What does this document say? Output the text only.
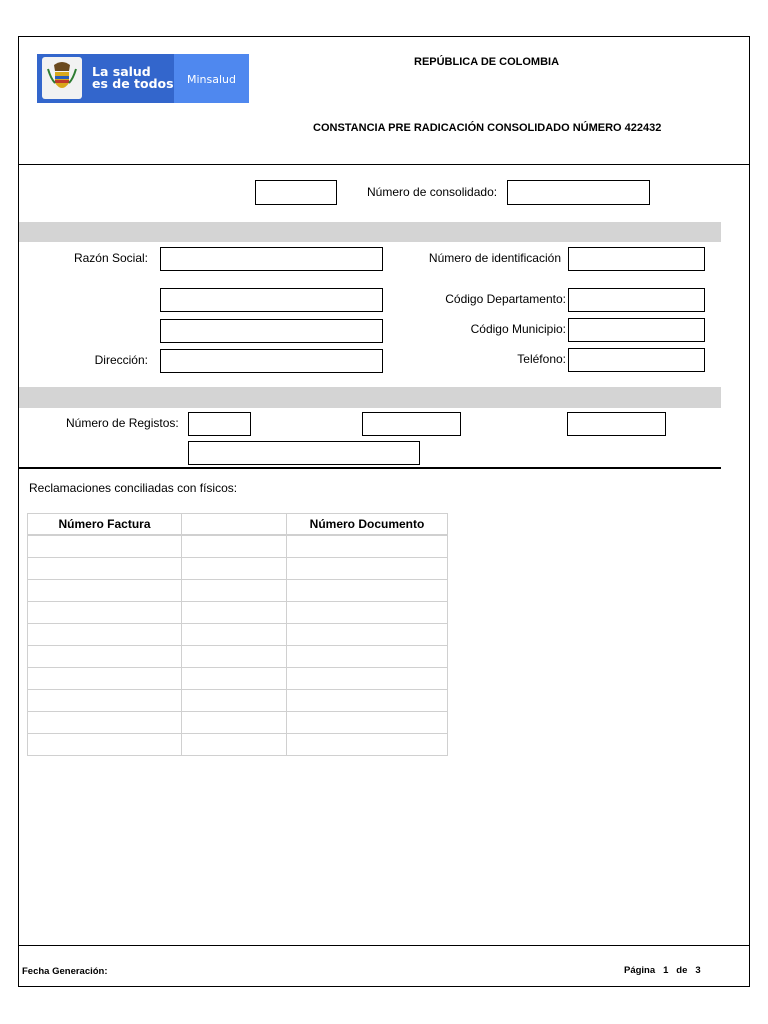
La salud
es de todos Minsalud
REPÚBLICA DE COLOMBIA
CONSTANCIA PRE RADICACIÓN CONSOLIDADO NÚMERO 422432
Número de consolidado:
Razón Social:	Número de identificación
Código Departamento:
Código Municipio:
Dirección:	Teléfono:
Número de Registos:
Reclamaciones conciliadas con físicos:
Número Factura		Número Documento

Fecha Generación:	Página 1 de 3
